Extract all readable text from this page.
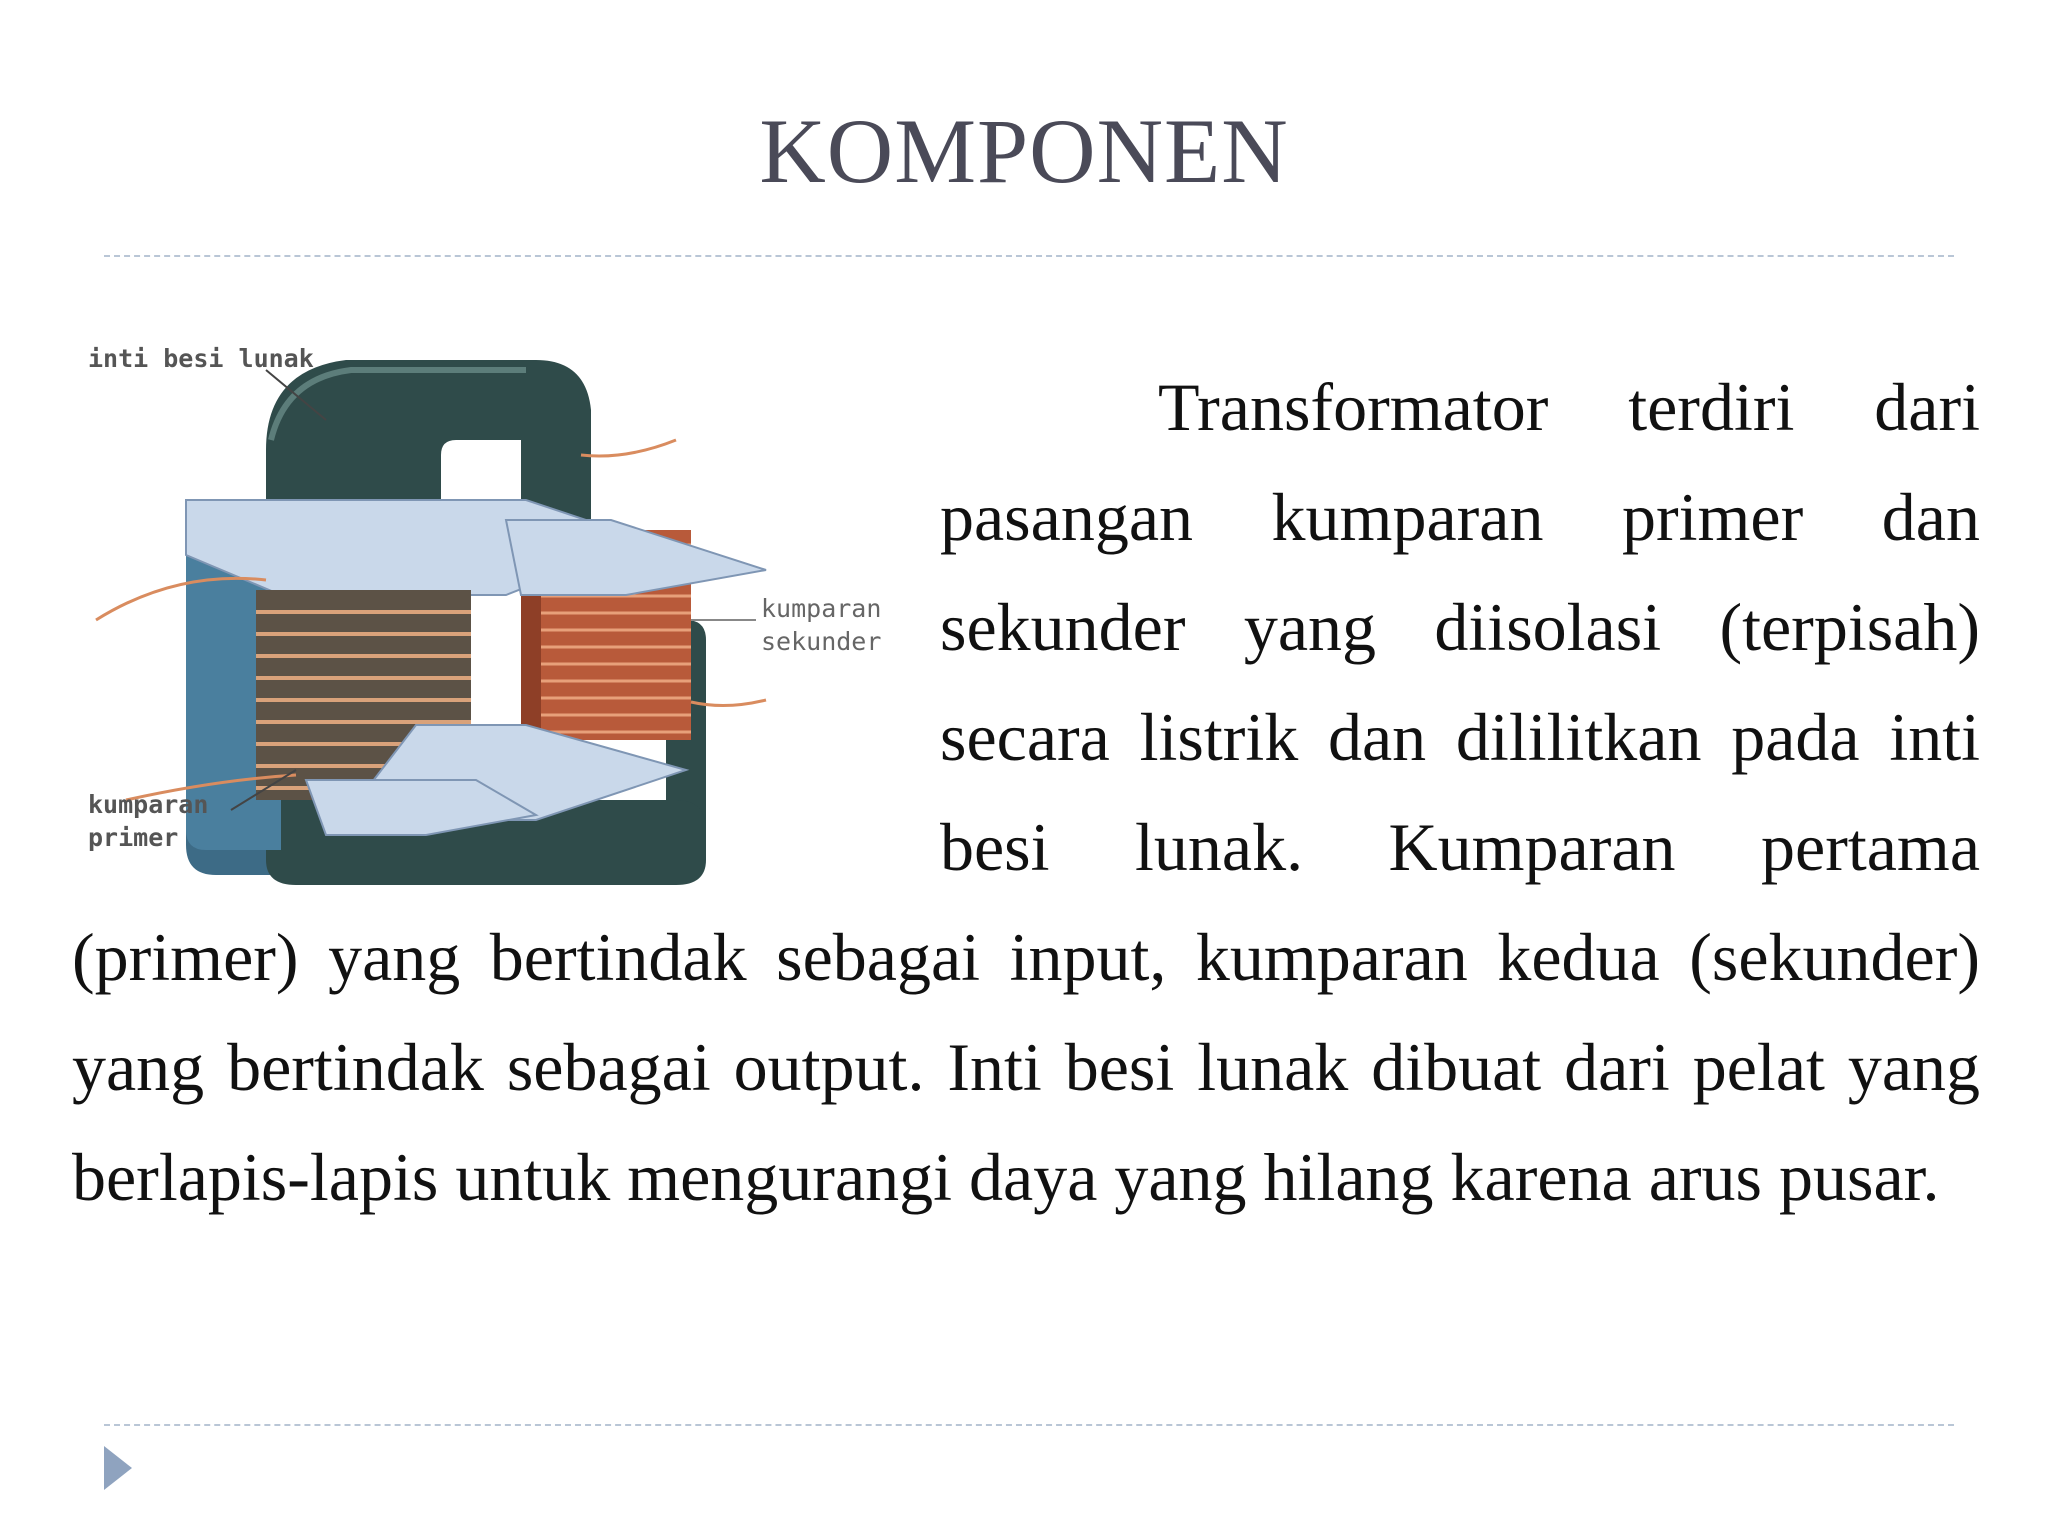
KOMPONEN
inti besi lunak
kumparan
sekunder
kumparan
primer
Transformator terdiri dari pasangan kumparan primer dan sekunder yang diisolasi (terpisah) secara listrik dan dililitkan pada inti besi lunak. Kumparan pertama (primer) yang bertindak sebagai input, kumparan kedua (sekunder) yang bertindak sebagai output. Inti besi lunak dibuat dari pelat yang berlapis-lapis untuk mengurangi daya yang hilang karena arus pusar.
